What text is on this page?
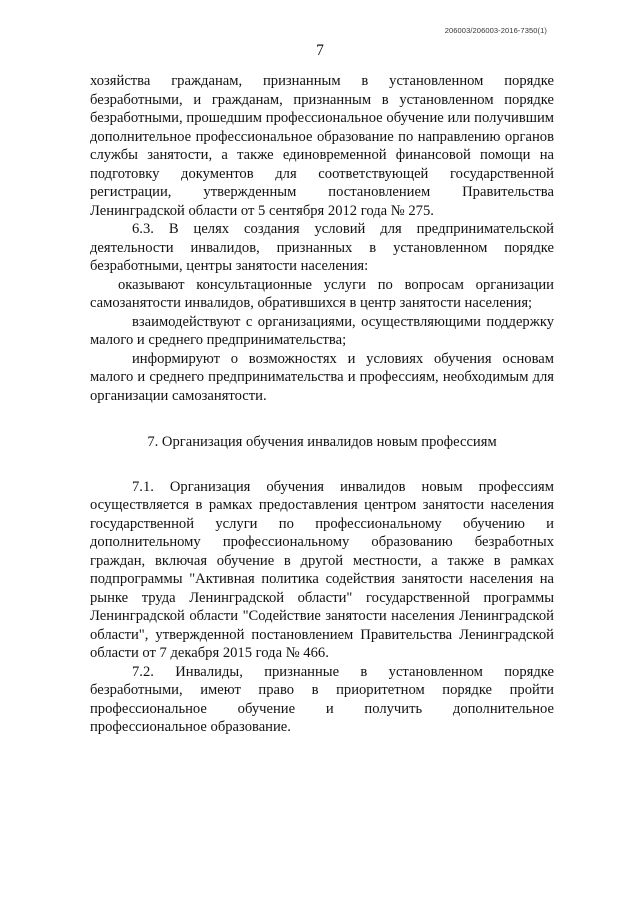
206003/206003-2016-7350(1)
7

хозяйства гражданам, признанным в установленном порядке безработными, и гражданам, признанным в установленном порядке безработными, прошедшим профессиональное обучение или получившим дополнительное профессиональное образование по направлению органов службы занятости, а также единовременной финансовой помощи на подготовку документов для соответствующей государственной регистрации, утвержденным постановлением Правительства Ленинградской области от 5 сентября 2012 года № 275.

6.3. В целях создания условий для предпринимательской деятельности инвалидов, признанных в установленном порядке безработными, центры занятости населения:

оказывают консультационные услуги по вопросам организации самозанятости инвалидов, обратившихся в центр занятости населения;

взаимодействуют с организациями, осуществляющими поддержку малого и среднего предпринимательства;

информируют о возможностях и условиях обучения основам малого и среднего предпринимательства и профессиям, необходимым для организации самозанятости.

7. Организация обучения инвалидов новым профессиям

7.1. Организация обучения инвалидов новым профессиям осуществляется в рамках предоставления центром занятости населения государственной услуги по профессиональному обучению и дополнительному профессиональному образованию безработных граждан, включая обучение в другой местности, а также в рамках подпрограммы "Активная политика содействия занятости населения на рынке труда Ленинградской области" государственной программы Ленинградской области "Содействие занятости населения Ленинградской области", утвержденной постановлением Правительства Ленинградской области от 7 декабря 2015 года № 466.

7.2. Инвалиды, признанные в установленном порядке безработными, имеют право в приоритетном порядке пройти профессиональное обучение и получить дополнительное профессиональное образование.
